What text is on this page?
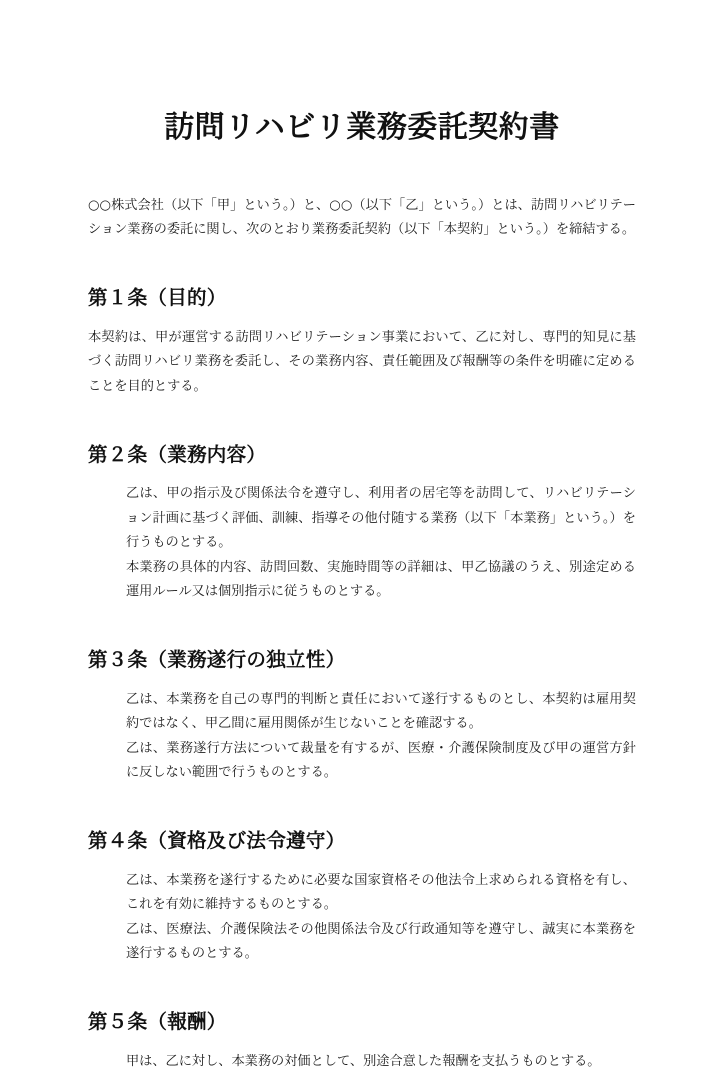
訪問リハビリ業務委託契約書

○○株式会社（以下「甲」という。）と、○○（以下「乙」という。）とは、訪問リハビリテーション業務の委託に関し、次のとおり業務委託契約（以下「本契約」という。）を締結する。

第１条（目的）

本契約は、甲が運営する訪問リハビリテーション事業において、乙に対し、専門的知見に基づく訪問リハビリ業務を委託し、その業務内容、責任範囲及び報酬等の条件を明確に定めることを目的とする。

第２条（業務内容）

乙は、甲の指示及び関係法令を遵守し、利用者の居宅等を訪問して、リハビリテーション計画に基づく評価、訓練、指導その他付随する業務（以下「本業務」という。）を行うものとする。

本業務の具体的内容、訪問回数、実施時間等の詳細は、甲乙協議のうえ、別途定める運用ルール又は個別指示に従うものとする。

第３条（業務遂行の独立性）

乙は、本業務を自己の専門的判断と責任において遂行するものとし、本契約は雇用契約ではなく、甲乙間に雇用関係が生じないことを確認する。

乙は、業務遂行方法について裁量を有するが、医療・介護保険制度及び甲の運営方針に反しない範囲で行うものとする。

第４条（資格及び法令遵守）

乙は、本業務を遂行するために必要な国家資格その他法令上求められる資格を有し、これを有効に維持するものとする。

乙は、医療法、介護保険法その他関係法令及び行政通知等を遵守し、誠実に本業務を遂行するものとする。

第５条（報酬）

甲は、乙に対し、本業務の対価として、別途合意した報酬を支払うものとする。
